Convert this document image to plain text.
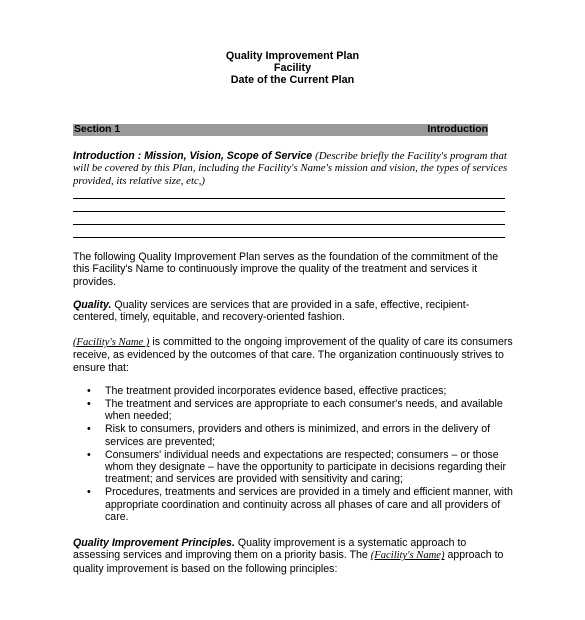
Quality Improvement Plan
Facility
Date of the Current Plan
Section 1	Introduction
Introduction : Mission, Vision, Scope of Service (Describe briefly the Facility's program that will be covered by this Plan, including the Facility's Name's mission and vision, the types of services provided, its relative size, etc,)
The following Quality Improvement Plan serves as the foundation of the commitment of the this Facility's Name to continuously improve the quality of the treatment and services it provides.
Quality. Quality services are services that are provided in a safe, effective, recipient-centered, timely, equitable, and recovery-oriented fashion.
(Facility's Name ) is committed to the ongoing improvement of the quality of care its consumers receive, as evidenced by the outcomes of that care. The organization continuously strives to ensure that:
• The treatment provided incorporates evidence based, effective practices;
• The treatment and services are appropriate to each consumer's needs, and available when needed;
• Risk to consumers, providers and others is minimized, and errors in the delivery of services are prevented;
• Consumers' individual needs and expectations are respected; consumers – or those whom they designate – have the opportunity to participate in decisions regarding their treatment; and services are provided with sensitivity and caring;
• Procedures, treatments and services are provided in a timely and efficient manner, with appropriate coordination and continuity across all phases of care and all providers of care.
Quality Improvement Principles. Quality improvement is a systematic approach to assessing services and improving them on a priority basis. The (Facility's Name) approach to quality improvement is based on the following principles:
